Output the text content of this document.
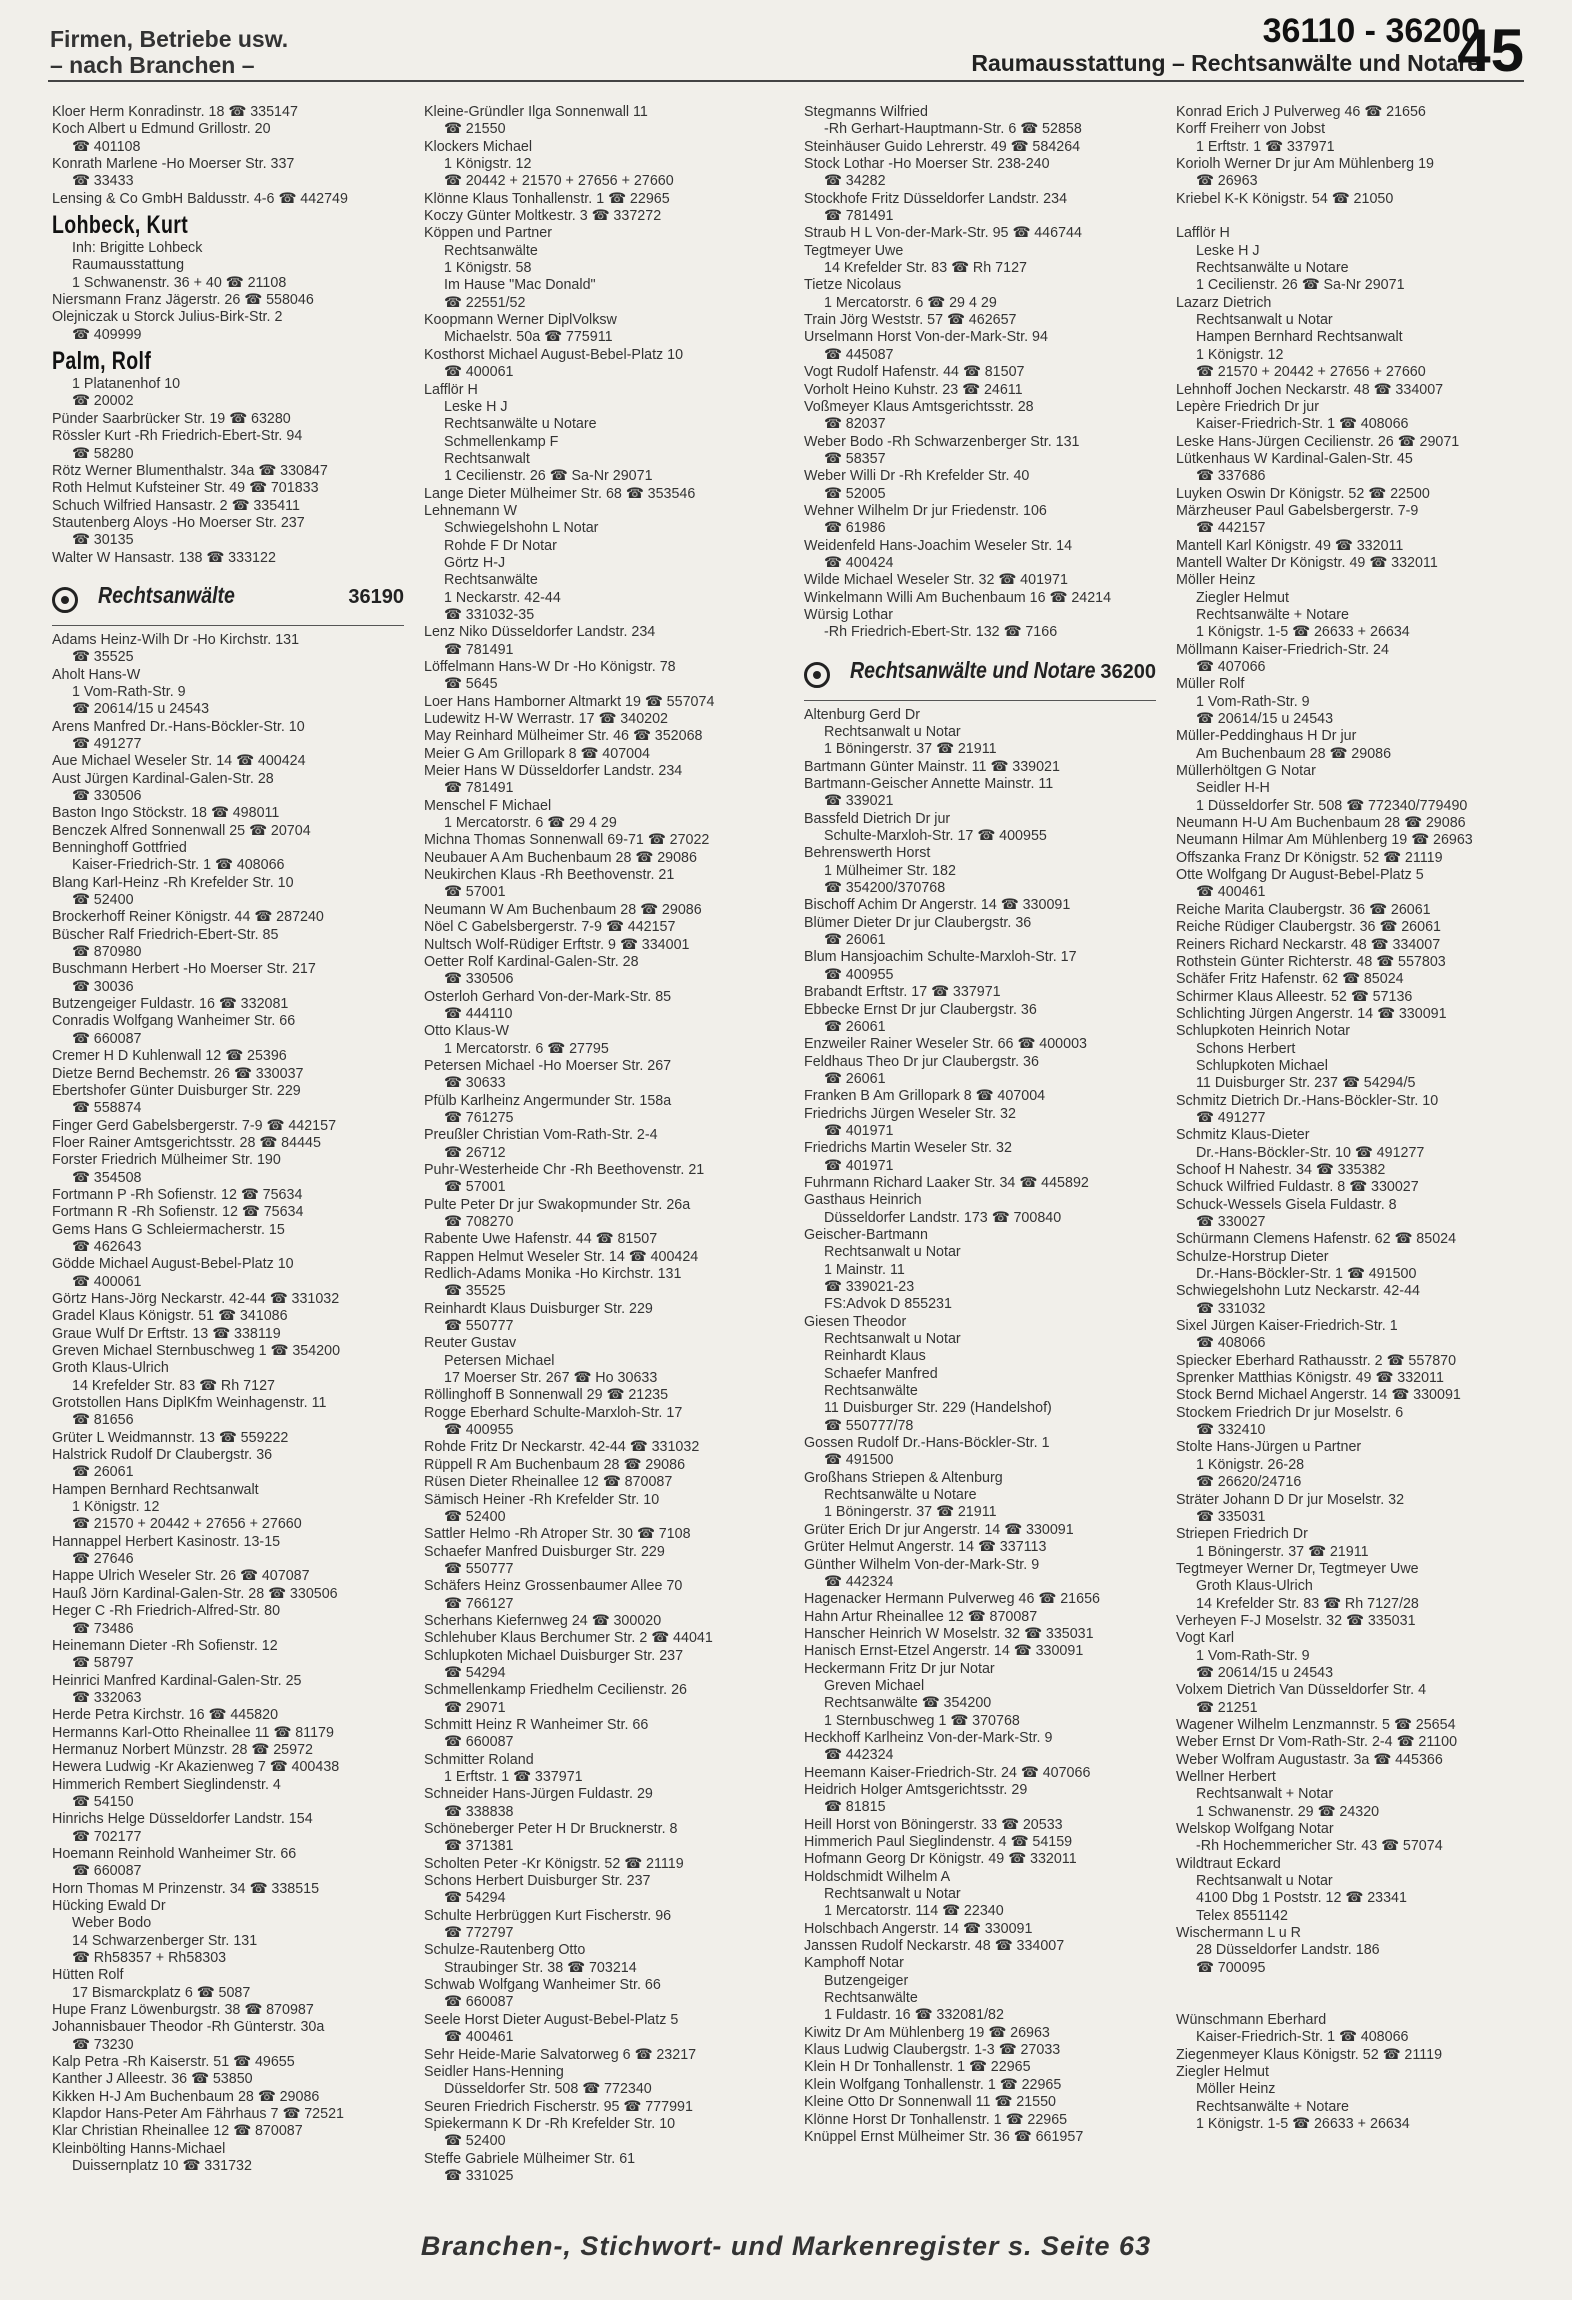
Firmen, Betriebe usw.
– nach Branchen –
36110 - 36200
Raumausstattung – Rechtsanwälte und Notare
45
Kloer Herm Konradinstr. 18 ☎ 335147
Koch Albert u Edmund Grillostr. 20
☎ 401108
Konrath Marlene -Ho Moerser Str. 337
☎ 33433
Lensing & Co GmbH Baldusstr. 4-6 ☎ 442749
Lohbeck, Kurt
Inh: Brigitte Lohbeck
Raumausstattung
1 Schwanenstr. 36 + 40 ☎ 21108
Niersmann Franz Jägerstr. 26 ☎ 558046
Olejniczak u Storck Julius-Birk-Str. 2
☎ 409999
Palm, Rolf
1 Platanenhof 10
☎ 20002
Pünder Saarbrücker Str. 19 ☎ 63280
Rössler Kurt -Rh Friedrich-Ebert-Str. 94
☎ 58280
Rötz Werner Blumenthalstr. 34a ☎ 330847
Roth Helmut Kufsteiner Str. 49 ☎ 701833
Schuch Wilfried Hansastr. 2 ☎ 335411
Stautenberg Aloys -Ho Moerser Str. 237
☎ 30135
Walter W Hansastr. 138 ☎ 333122
Rechtsanwälte	36190
Adams Heinz-Wilh Dr -Ho Kirchstr. 131
☎ 35525
Aholt Hans-W
1 Vom-Rath-Str. 9
☎ 20614/15 u 24543
Arens Manfred Dr.-Hans-Böckler-Str. 10
☎ 491277
Aue Michael Weseler Str. 14 ☎ 400424
Aust Jürgen Kardinal-Galen-Str. 28
☎ 330506
Baston Ingo Stöckstr. 18 ☎ 498011
Benczek Alfred Sonnenwall 25 ☎ 20704
Benninghoff Gottfried
Kaiser-Friedrich-Str. 1 ☎ 408066
Blang Karl-Heinz -Rh Krefelder Str. 10
☎ 52400
Brockerhoff Reiner Königstr. 44 ☎ 287240
Büscher Ralf Friedrich-Ebert-Str. 85
☎ 870980
Buschmann Herbert -Ho Moerser Str. 217
☎ 30036
Butzengeiger Fuldastr. 16 ☎ 332081
Conradis Wolfgang Wanheimer Str. 66
☎ 660087
Cremer H D Kuhlenwall 12 ☎ 25396
Dietze Bernd Bechemstr. 26 ☎ 330037
Ebertshofer Günter Duisburger Str. 229
☎ 558874
Finger Gerd Gabelsbergerstr. 7-9 ☎ 442157
Floer Rainer Amtsgerichtsstr. 28 ☎ 84445
Forster Friedrich Mülheimer Str. 190
☎ 354508
Fortmann P -Rh Sofienstr. 12 ☎ 75634
Fortmann R -Rh Sofienstr. 12 ☎ 75634
Gems Hans G Schleiermacherstr. 15
☎ 462643
Gödde Michael August-Bebel-Platz 10
☎ 400061
Görtz Hans-Jörg Neckarstr. 42-44 ☎ 331032
Gradel Klaus Königstr. 51 ☎ 341086
Graue Wulf Dr Erftstr. 13 ☎ 338119
Greven Michael Sternbuschweg 1 ☎ 354200
Groth Klaus-Ulrich
14 Krefelder Str. 83 ☎ Rh 7127
Grotstollen Hans DiplKfm Weinhagenstr. 11
☎ 81656
Grüter L Weidmannstr. 13 ☎ 559222
Halstrick Rudolf Dr Claubergstr. 36
☎ 26061
Hampen Bernhard Rechtsanwalt
1 Königstr. 12
☎ 21570 + 20442 + 27656 + 27660
Hannappel Herbert Kasinostr. 13-15
☎ 27646
Happe Ulrich Weseler Str. 26 ☎ 407087
Hauß Jörn Kardinal-Galen-Str. 28 ☎ 330506
Heger C -Rh Friedrich-Alfred-Str. 80
☎ 73486
Heinemann Dieter -Rh Sofienstr. 12
☎ 58797
Heinrici Manfred Kardinal-Galen-Str. 25
☎ 332063
Herde Petra Kirchstr. 16 ☎ 445820
Hermanns Karl-Otto Rheinallee 11 ☎ 81179
Hermanuz Norbert Münzstr. 28 ☎ 25972
Hewera Ludwig -Kr Akazienweg 7 ☎ 400438
Himmerich Rembert Sieglindenstr. 4
☎ 54150
Hinrichs Helge Düsseldorfer Landstr. 154
☎ 702177
Hoemann Reinhold Wanheimer Str. 66
☎ 660087
Horn Thomas M Prinzenstr. 34 ☎ 338515
Hücking Ewald Dr
Weber Bodo
14 Schwarzenberger Str. 131
☎ Rh58357 + Rh58303
Hütten Rolf
17 Bismarckplatz 6 ☎ 5087
Hupe Franz Löwenburgstr. 38 ☎ 870987
Johannisbauer Theodor -Rh Günterstr. 30a
☎ 73230
Kalp Petra -Rh Kaiserstr. 51 ☎ 49655
Kanther J Alleestr. 36 ☎ 53850
Kikken H-J Am Buchenbaum 28 ☎ 29086
Klapdor Hans-Peter Am Fährhaus 7 ☎ 72521
Klar Christian Rheinallee 12 ☎ 870087
Kleinbölting Hanns-Michael
Duissernplatz 10 ☎ 331732
Kleine-Gründler Ilga Sonnenwall 11
☎ 21550
Klockers Michael
1 Königstr. 12
☎ 20442 + 21570 + 27656 + 27660
Klönne Klaus Tonhallenstr. 1 ☎ 22965
Koczy Günter Moltkestr. 3 ☎ 337272
Köppen und Partner
Rechtsanwälte
1 Königstr. 58
Im Hause "Mac Donald"
☎ 22551/52
Koopmann Werner DiplVolksw
Michaelstr. 50a ☎ 775911
Kosthorst Michael August-Bebel-Platz 10
☎ 400061
Lafflör H
Leske H J
Rechtsanwälte u Notare
Schmellenkamp F
Rechtsanwalt
1 Cecilienstr. 26 ☎ Sa-Nr 29071
Lange Dieter Mülheimer Str. 68 ☎ 353546
Lehnemann W
Schwiegelshohn L Notar
Rohde F Dr Notar
Görtz H-J
Rechtsanwälte
1 Neckarstr. 42-44
☎ 331032-35
Lenz Niko Düsseldorfer Landstr. 234
☎ 781491
Löffelmann Hans-W Dr -Ho Königstr. 78
☎ 5645
Loer Hans Hamborner Altmarkt 19 ☎ 557074
Ludewitz H-W Werrastr. 17 ☎ 340202
May Reinhard Mülheimer Str. 46 ☎ 352068
Meier G Am Grillopark 8 ☎ 407004
Meier Hans W Düsseldorfer Landstr. 234
☎ 781491
Menschel F Michael
1 Mercatorstr. 6 ☎ 29 4 29
Michna Thomas Sonnenwall 69-71 ☎ 27022
Neubauer A Am Buchenbaum 28 ☎ 29086
Neukirchen Klaus -Rh Beethovenstr. 21
☎ 57001
Neumann W Am Buchenbaum 28 ☎ 29086
Nöel C Gabelsbergerstr. 7-9 ☎ 442157
Nultsch Wolf-Rüdiger Erftstr. 9 ☎ 334001
Oetter Rolf Kardinal-Galen-Str. 28
☎ 330506
Osterloh Gerhard Von-der-Mark-Str. 85
☎ 444110
Otto Klaus-W
1 Mercatorstr. 6 ☎ 27795
Petersen Michael -Ho Moerser Str. 267
☎ 30633
Pfülb Karlheinz Angermunder Str. 158a
☎ 761275
Preußler Christian Vom-Rath-Str. 2-4
☎ 26712
Puhr-Westerheide Chr -Rh Beethovenstr. 21
☎ 57001
Pulte Peter Dr jur Swakopmunder Str. 26a
☎ 708270
Rabente Uwe Hafenstr. 44 ☎ 81507
Rappen Helmut Weseler Str. 14 ☎ 400424
Redlich-Adams Monika -Ho Kirchstr. 131
☎ 35525
Reinhardt Klaus Duisburger Str. 229
☎ 550777
Reuter Gustav
Petersen Michael
17 Moerser Str. 267 ☎ Ho 30633
Röllinghoff B Sonnenwall 29 ☎ 21235
Rogge Eberhard Schulte-Marxloh-Str. 17
☎ 400955
Rohde Fritz Dr Neckarstr. 42-44 ☎ 331032
Rüppell R Am Buchenbaum 28 ☎ 29086
Rüsen Dieter Rheinallee 12 ☎ 870087
Sämisch Heiner -Rh Krefelder Str. 10
☎ 52400
Sattler Helmo -Rh Atroper Str. 30 ☎ 7108
Schaefer Manfred Duisburger Str. 229
☎ 550777
Schäfers Heinz Grossenbaumer Allee 70
☎ 766127
Scherhans Kiefernweg 24 ☎ 300020
Schlehuber Klaus Berchumer Str. 2 ☎ 44041
Schlupkoten Michael Duisburger Str. 237
☎ 54294
Schmellenkamp Friedhelm Cecilienstr. 26
☎ 29071
Schmitt Heinz R Wanheimer Str. 66
☎ 660087
Schmitter Roland
1 Erftstr. 1 ☎ 337971
Schneider Hans-Jürgen Fuldastr. 29
☎ 338838
Schöneberger Peter H Dr Brucknerstr. 8
☎ 371381
Scholten Peter -Kr Königstr. 52 ☎ 21119
Schons Herbert Duisburger Str. 237
☎ 54294
Schulte Herbrüggen Kurt Fischerstr. 96
☎ 772797
Schulze-Rautenberg Otto
Straubinger Str. 38 ☎ 703214
Schwab Wolfgang Wanheimer Str. 66
☎ 660087
Seele Horst Dieter August-Bebel-Platz 5
☎ 400461
Sehr Heide-Marie Salvatorweg 6 ☎ 23217
Seidler Hans-Henning
Düsseldorfer Str. 508 ☎ 772340
Seuren Friedrich Fischerstr. 95 ☎ 777991
Spiekermann K Dr -Rh Krefelder Str. 10
☎ 52400
Steffe Gabriele Mülheimer Str. 61
☎ 331025
Stegmanns Wilfried
-Rh Gerhart-Hauptmann-Str. 6 ☎ 52858
Steinhäuser Guido Lehrerstr. 49 ☎ 584264
Stock Lothar -Ho Moerser Str. 238-240
☎ 34282
Stockhofe Fritz Düsseldorfer Landstr. 234
☎ 781491
Straub H L Von-der-Mark-Str. 95 ☎ 446744
Tegtmeyer Uwe
14 Krefelder Str. 83 ☎ Rh 7127
Tietze Nicolaus
1 Mercatorstr. 6 ☎ 29 4 29
Train Jörg Weststr. 57 ☎ 462657
Urselmann Horst Von-der-Mark-Str. 94
☎ 445087
Vogt Rudolf Hafenstr. 44 ☎ 81507
Vorholt Heino Kuhstr. 23 ☎ 24611
Voßmeyer Klaus Amtsgerichtsstr. 28
☎ 82037
Weber Bodo -Rh Schwarzenberger Str. 131
☎ 58357
Weber Willi Dr -Rh Krefelder Str. 40
☎ 52005
Wehner Wilhelm Dr jur Friedenstr. 106
☎ 61986
Weidenfeld Hans-Joachim Weseler Str. 14
☎ 400424
Wilde Michael Weseler Str. 32 ☎ 401971
Winkelmann Willi Am Buchenbaum 16 ☎ 24214
Würsig Lothar
-Rh Friedrich-Ebert-Str. 132 ☎ 7166
Rechtsanwälte und Notare 36200
Altenburg Gerd Dr
Rechtsanwalt u Notar
1 Böningerstr. 37 ☎ 21911
Bartmann Günter Mainstr. 11 ☎ 339021
Bartmann-Geischer Annette Mainstr. 11
☎ 339021
Bassfeld Dietrich Dr jur
Schulte-Marxloh-Str. 17 ☎ 400955
Behrenswerth Horst
1 Mülheimer Str. 182
☎ 354200/370768
Bischoff Achim Dr Angerstr. 14 ☎ 330091
Blümer Dieter Dr jur Claubergstr. 36
☎ 26061
Blum Hansjoachim Schulte-Marxloh-Str. 17
☎ 400955
Brabandt Erftstr. 17 ☎ 337971
Ebbecke Ernst Dr jur Claubergstr. 36
☎ 26061
Enzweiler Rainer Weseler Str. 66 ☎ 400003
Feldhaus Theo Dr jur Claubergstr. 36
☎ 26061
Franken B Am Grillopark 8 ☎ 407004
Friedrichs Jürgen Weseler Str. 32
☎ 401971
Friedrichs Martin Weseler Str. 32
☎ 401971
Fuhrmann Richard Laaker Str. 34 ☎ 445892
Gasthaus Heinrich
Düsseldorfer Landstr. 173 ☎ 700840
Geischer-Bartmann
Rechtsanwalt u Notar
1 Mainstr. 11
☎ 339021-23
FS:Advok D 855231
Giesen Theodor
Rechtsanwalt u Notar
Reinhardt Klaus
Schaefer Manfred
Rechtsanwälte
11 Duisburger Str. 229 (Handelshof)
☎ 550777/78
Gossen Rudolf Dr.-Hans-Böckler-Str. 1
☎ 491500
Großhans Striepen & Altenburg
Rechtsanwälte u Notare
1 Böningerstr. 37 ☎ 21911
Grüter Erich Dr jur Angerstr. 14 ☎ 330091
Grüter Helmut Angerstr. 14 ☎ 337113
Günther Wilhelm Von-der-Mark-Str. 9
☎ 442324
Hagenacker Hermann Pulverweg 46 ☎ 21656
Hahn Artur Rheinallee 12 ☎ 870087
Hanscher Heinrich W Moselstr. 32 ☎ 335031
Hanisch Ernst-Etzel Angerstr. 14 ☎ 330091
Heckermann Fritz Dr jur Notar
Greven Michael
Rechtsanwälte ☎ 354200
1 Sternbuschweg 1 ☎ 370768
Heckhoff Karlheinz Von-der-Mark-Str. 9
☎ 442324
Heemann Kaiser-Friedrich-Str. 24 ☎ 407066
Heidrich Holger Amtsgerichtsstr. 29
☎ 81815
Heill Horst von Böningerstr. 33 ☎ 20533
Himmerich Paul Sieglindenstr. 4 ☎ 54159
Hofmann Georg Dr Königstr. 49 ☎ 332011
Holdschmidt Wilhelm A
Rechtsanwalt u Notar
1 Mercatorstr. 114 ☎ 22340
Holschbach Angerstr. 14 ☎ 330091
Janssen Rudolf Neckarstr. 48 ☎ 334007
Kamphoff Notar
Butzengeiger
Rechtsanwälte
1 Fuldastr. 16 ☎ 332081/82
Kiwitz Dr Am Mühlenberg 19 ☎ 26963
Klaus Ludwig Claubergstr. 1-3 ☎ 27033
Klein H Dr Tonhallenstr. 1 ☎ 22965
Klein Wolfgang Tonhallenstr. 1 ☎ 22965
Kleine Otto Dr Sonnenwall 11 ☎ 21550
Klönne Horst Dr Tonhallenstr. 1 ☎ 22965
Knüppel Ernst Mülheimer Str. 36 ☎ 661957
Konrad Erich J Pulverweg 46 ☎ 21656
Korff Freiherr von Jobst
1 Erftstr. 1 ☎ 337971
Koriolh Werner Dr jur Am Mühlenberg 19
☎ 26963
Kriebel K-K Königstr. 54 ☎ 21050

Lafflör H
Leske H J
Rechtsanwälte u Notare
1 Cecilienstr. 26 ☎ Sa-Nr 29071
Lazarz Dietrich
Rechtsanwalt u Notar
Hampen Bernhard Rechtsanwalt
1 Königstr. 12
☎ 21570 + 20442 + 27656 + 27660
Lehnhoff Jochen Neckarstr. 48 ☎ 334007
Lepère Friedrich Dr jur
Kaiser-Friedrich-Str. 1 ☎ 408066
Leske Hans-Jürgen Cecilienstr. 26 ☎ 29071
Lütkenhaus W Kardinal-Galen-Str. 45
☎ 337686
Luyken Oswin Dr Königstr. 52 ☎ 22500
Märzheuser Paul Gabelsbergerstr. 7-9
☎ 442157
Mantell Karl Königstr. 49 ☎ 332011
Mantell Walter Dr Königstr. 49 ☎ 332011
Möller Heinz
Ziegler Helmut
Rechtsanwälte + Notare
1 Königstr. 1-5 ☎ 26633 + 26634
Möllmann Kaiser-Friedrich-Str. 24
☎ 407066
Müller Rolf
1 Vom-Rath-Str. 9
☎ 20614/15 u 24543
Müller-Peddinghaus H Dr jur
Am Buchenbaum 28 ☎ 29086
Müllerhöltgen G Notar
Seidler H-H
1 Düsseldorfer Str. 508 ☎ 772340/779490
Neumann H-U Am Buchenbaum 28 ☎ 29086
Neumann Hilmar Am Mühlenberg 19 ☎ 26963
Offszanka Franz Dr Königstr. 52 ☎ 21119
Otte Wolfgang Dr August-Bebel-Platz 5
☎ 400461
Reiche Marita Claubergstr. 36 ☎ 26061
Reiche Rüdiger Claubergstr. 36 ☎ 26061
Reiners Richard Neckarstr. 48 ☎ 334007
Rothstein Günter Richterstr. 48 ☎ 557803
Schäfer Fritz Hafenstr. 62 ☎ 85024
Schirmer Klaus Alleestr. 52 ☎ 57136
Schlichting Jürgen Angerstr. 14 ☎ 330091
Schlupkoten Heinrich Notar
Schons Herbert
Schlupkoten Michael
11 Duisburger Str. 237 ☎ 54294/5
Schmitz Dietrich Dr.-Hans-Böckler-Str. 10
☎ 491277
Schmitz Klaus-Dieter
Dr.-Hans-Böckler-Str. 10 ☎ 491277
Schoof H Nahestr. 34 ☎ 335382
Schuck Wilfried Fuldastr. 8 ☎ 330027
Schuck-Wessels Gisela Fuldastr. 8
☎ 330027
Schürmann Clemens Hafenstr. 62 ☎ 85024
Schulze-Horstrup Dieter
Dr.-Hans-Böckler-Str. 1 ☎ 491500
Schwiegelshohn Lutz Neckarstr. 42-44
☎ 331032
Sixel Jürgen Kaiser-Friedrich-Str. 1
☎ 408066
Spiecker Eberhard Rathausstr. 2 ☎ 557870
Sprenker Matthias Königstr. 49 ☎ 332011
Stock Bernd Michael Angerstr. 14 ☎ 330091
Stockem Friedrich Dr jur Moselstr. 6
☎ 332410
Stolte Hans-Jürgen u Partner
1 Königstr. 26-28
☎ 26620/24716
Sträter Johann D Dr jur Moselstr. 32
☎ 335031
Striepen Friedrich Dr
1 Böningerstr. 37 ☎ 21911
Tegtmeyer Werner Dr, Tegtmeyer Uwe
Groth Klaus-Ulrich
14 Krefelder Str. 83 ☎ Rh 7127/28
Verheyen F-J Moselstr. 32 ☎ 335031
Vogt Karl
1 Vom-Rath-Str. 9
☎ 20614/15 u 24543
Volxem Dietrich Van Düsseldorfer Str. 4
☎ 21251
Wagener Wilhelm Lenzmannstr. 5 ☎ 25654
Weber Ernst Dr Vom-Rath-Str. 2-4 ☎ 21100
Weber Wolfram Augustastr. 3a ☎ 445366
Wellner Herbert
Rechtsanwalt + Notar
1 Schwanenstr. 29 ☎ 24320
Welskop Wolfgang Notar
-Rh Hochemmericher Str. 43 ☎ 57074
Wildtraut Eckard
Rechtsanwalt u Notar
4100 Dbg 1 Poststr. 12 ☎ 23341
Telex 8551142
Wischermann L u R
28 Düsseldorfer Landstr. 186
☎ 700095

Wünschmann Eberhard
Kaiser-Friedrich-Str. 1 ☎ 408066
Ziegenmeyer Klaus Königstr. 52 ☎ 21119
Ziegler Helmut
Möller Heinz
Rechtsanwälte + Notare
1 Königstr. 1-5 ☎ 26633 + 26634
Branchen-, Stichwort- und Markenregister s. Seite 63
